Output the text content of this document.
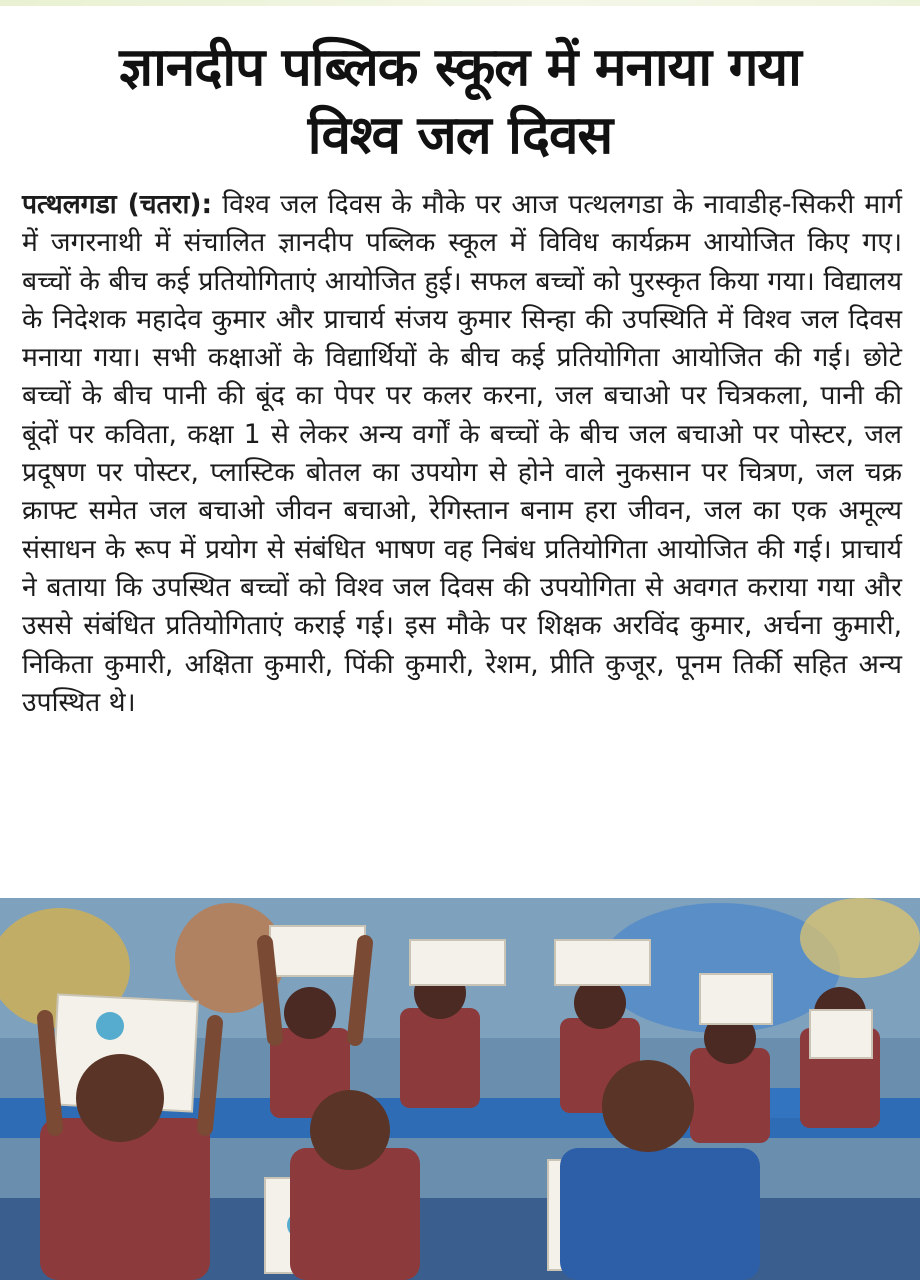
ज्ञानदीप पब्लिक स्कूल में मनाया गया
विश्व जल दिवस

पत्थलगडा (चतरा): विश्व जल दिवस के मौके पर आज पत्थलगडा के नावाडीह-सिकरी मार्ग में जगरनाथी में संचालित ज्ञानदीप पब्लिक स्कूल में विविध कार्यक्रम आयोजित किए गए। बच्चों के बीच कई प्रतियोगिताएं आयोजित हुई। सफल बच्चों को पुरस्कृत किया गया। विद्यालय के निदेशक महादेव कुमार और प्राचार्य संजय कुमार सिन्हा की उपस्थिति में विश्व जल दिवस मनाया गया। सभी कक्षाओं के विद्यार्थियों के बीच कई प्रतियोगिता आयोजित की गई। छोटे बच्चों के बीच पानी की बूंद का पेपर पर कलर करना, जल बचाओ पर चित्रकला, पानी की बूंदों पर कविता, कक्षा 1 से लेकर अन्य वर्गों के बच्चों के बीच जल बचाओ पर पोस्टर, जल प्रदूषण पर पोस्टर, प्लास्टिक बोतल का उपयोग से होने वाले नुकसान पर चित्रण, जल चक्र क्राफ्ट समेत जल बचाओ जीवन बचाओ, रेगिस्तान बनाम हरा जीवन, जल का एक अमूल्य संसाधन के रूप में प्रयोग से संबंधित भाषण वह निबंध प्रतियोगिता आयोजित की गई। प्राचार्य ने बताया कि उपस्थित बच्चों को विश्व जल दिवस की उपयोगिता से अवगत कराया गया और उससे संबंधित प्रतियोगिताएं कराई गई। इस मौके पर शिक्षक अरविंद कुमार, अर्चना कुमारी, निकिता कुमारी, अक्षिता कुमारी, पिंकी कुमारी, रेशम, प्रीति कुजूर, पूनम तिर्की सहित अन्य उपस्थित थे।
